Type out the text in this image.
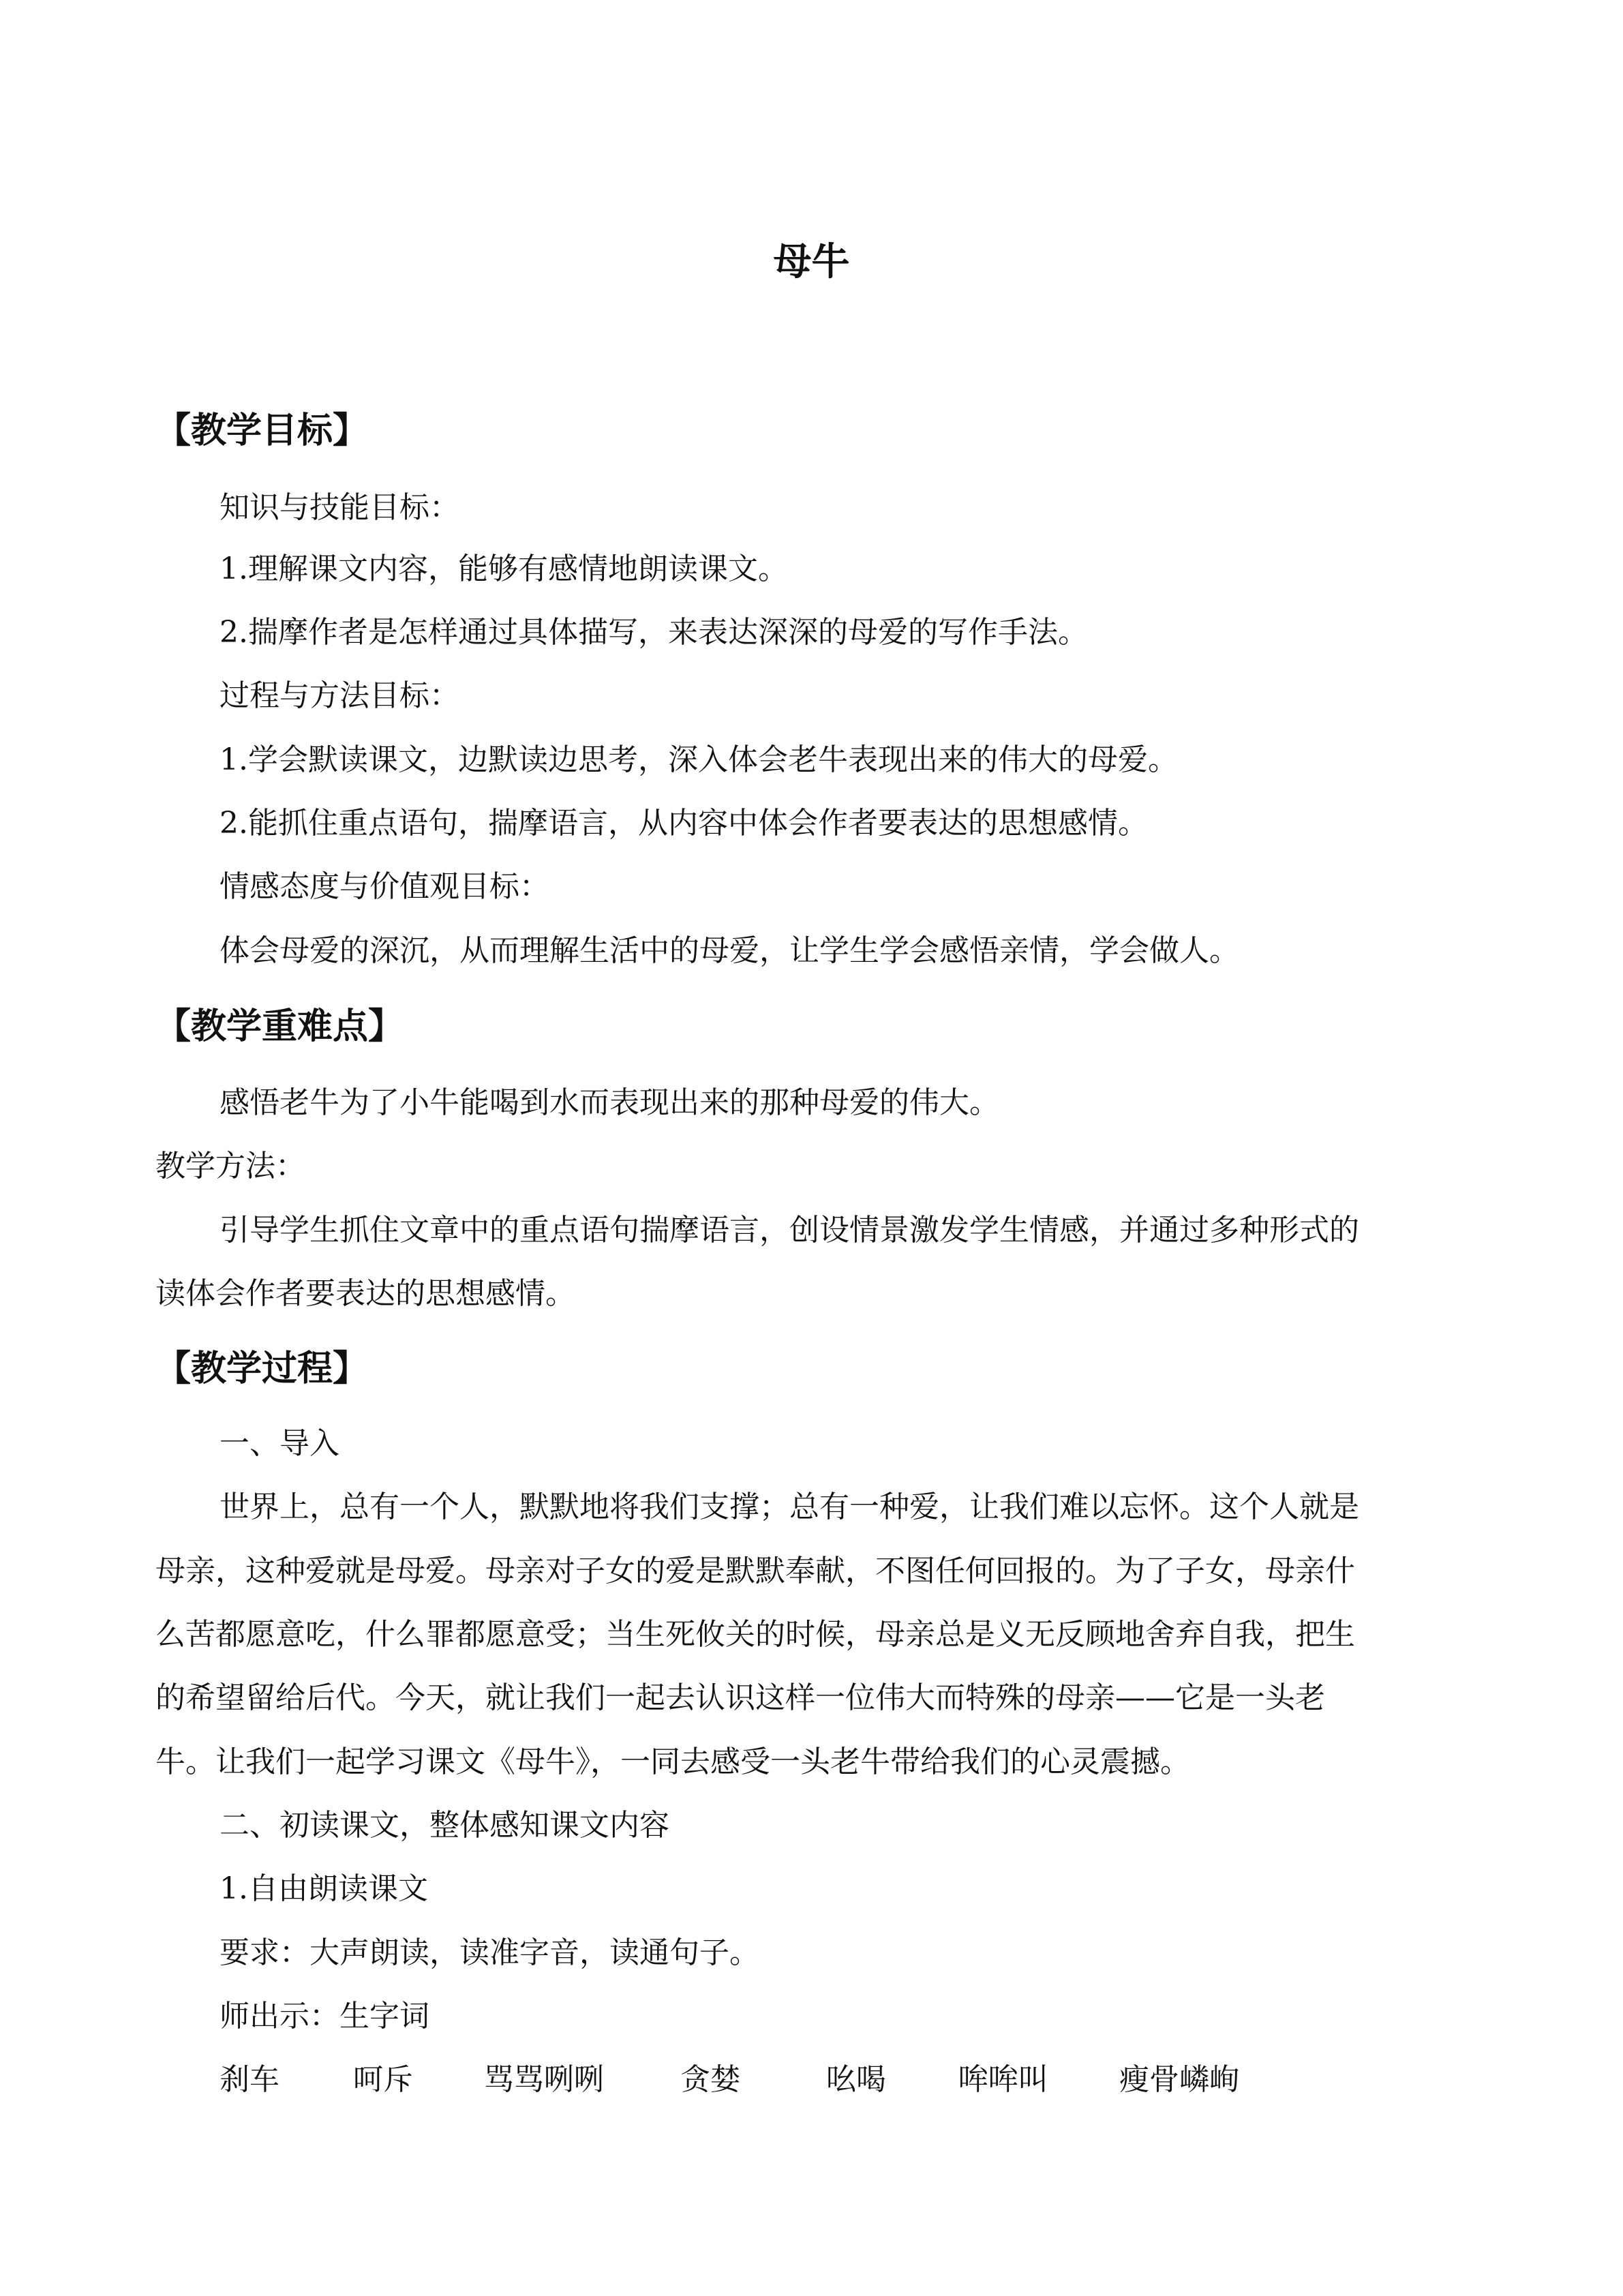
母牛
【教学目标】
知识与技能目标：
1.理解课文内容，能够有感情地朗读课文。
2.揣摩作者是怎样通过具体描写，来表达深深的母爱的写作手法。
过程与方法目标：
1.学会默读课文，边默读边思考，深入体会老牛表现出来的伟大的母爱。
2.能抓住重点语句，揣摩语言，从内容中体会作者要表达的思想感情。
情感态度与价值观目标：
体会母爱的深沉，从而理解生活中的母爱，让学生学会感悟亲情，学会做人。
【教学重难点】
感悟老牛为了小牛能喝到水而表现出来的那种母爱的伟大。
教学方法：
引导学生抓住文章中的重点语句揣摩语言，创设情景激发学生情感，并通过多种形式的
读体会作者要表达的思想感情。
【教学过程】
一、导入
世界上，总有一个人，默默地将我们支撑；总有一种爱，让我们难以忘怀。这个人就是
母亲，这种爱就是母爱。母亲对子女的爱是默默奉献，不图任何回报的。为了子女，母亲什
么苦都愿意吃，什么罪都愿意受；当生死攸关的时候，母亲总是义无反顾地舍弃自我，把生
的希望留给后代。今天，就让我们一起去认识这样一位伟大而特殊的母亲——它是一头老
牛。让我们一起学习课文《母牛》，一同去感受一头老牛带给我们的心灵震撼。
二、初读课文，整体感知课文内容
1.自由朗读课文
要求：大声朗读，读准字音，读通句子。
师出示：生字词
刹车 呵斥 骂骂咧咧	贪婪	吆喝 哞哞叫 瘦骨嶙峋
